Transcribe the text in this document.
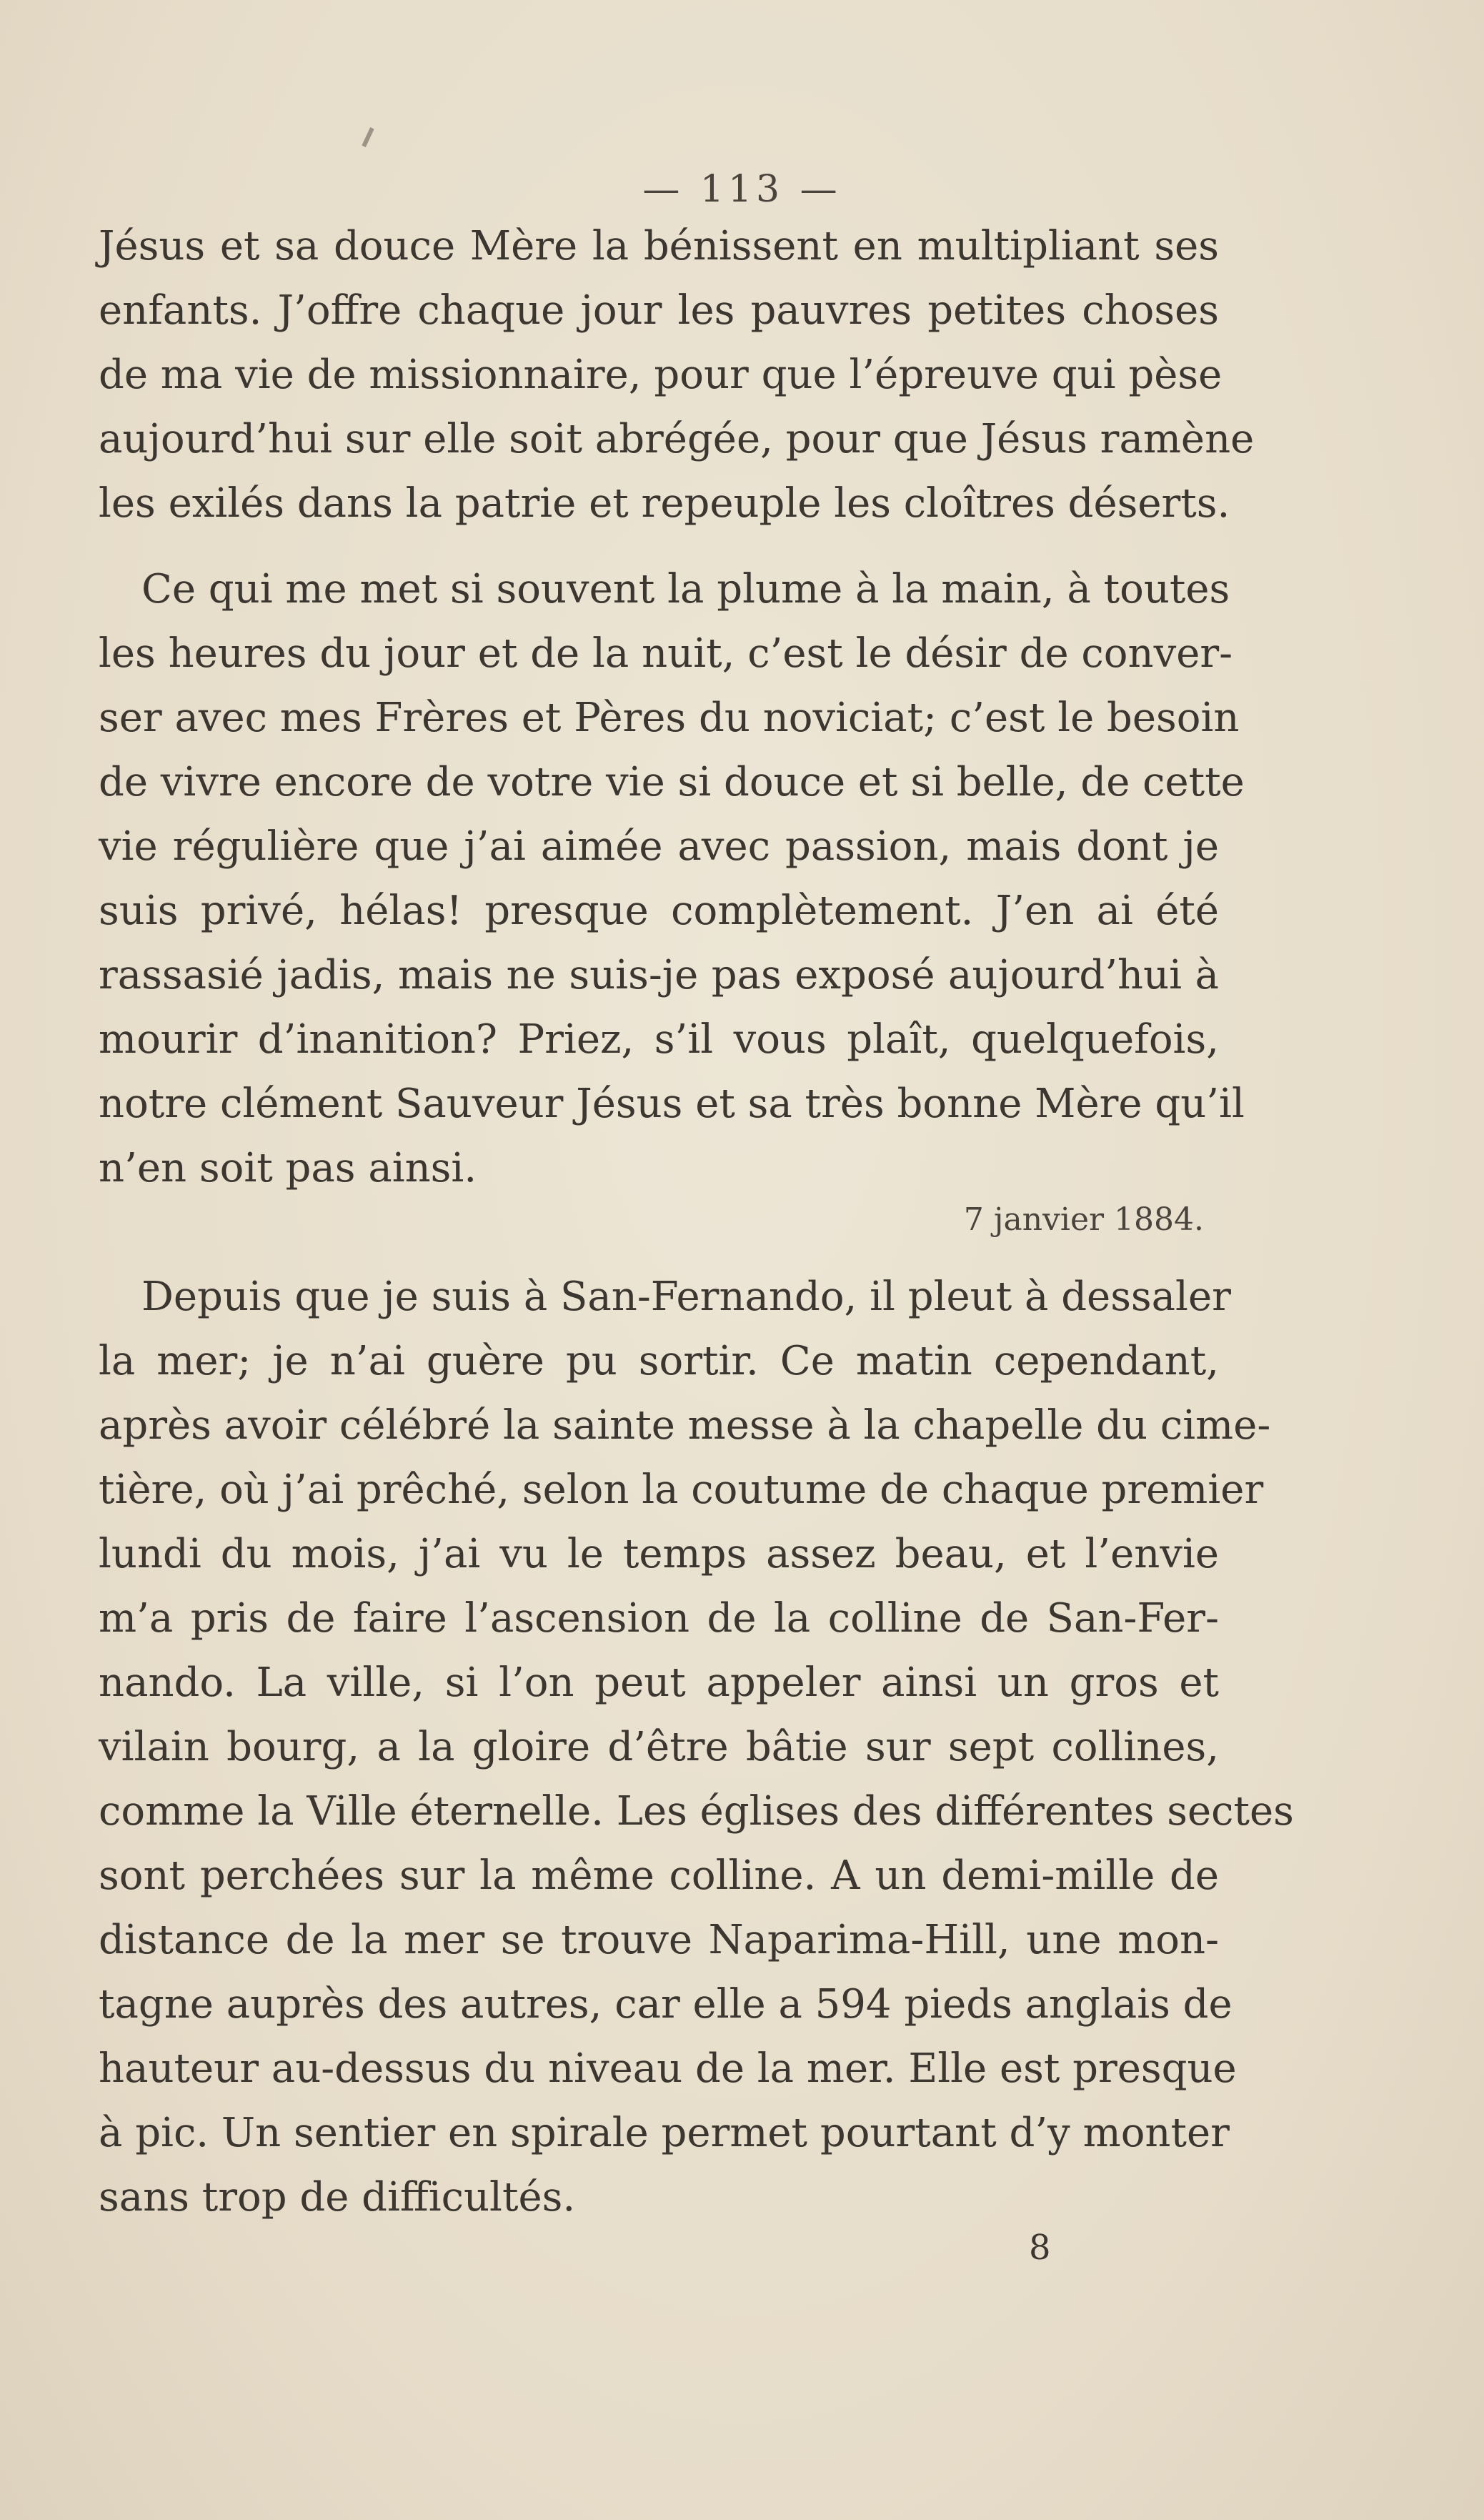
— 113 —
Jésus et sa douce Mère la bénissent en multipliant ses
enfants. J’offre chaque jour les pauvres petites choses
de ma vie de missionnaire, pour que l’épreuve qui pèse
aujourd’hui sur elle soit abrégée, pour que Jésus ramène
les exilés dans la patrie et repeuple les cloîtres déserts.
Ce qui me met si souvent la plume à la main, à toutes
les heures du jour et de la nuit, c’est le désir de conver-
ser avec mes Frères et Pères du noviciat; c’est le besoin
de vivre encore de votre vie si douce et si belle, de cette
vie régulière que j’ai aimée avec passion, mais dont je
suis privé, hélas! presque complètement. J’en ai été
rassasié jadis, mais ne suis-je pas exposé aujourd’hui à
mourir d’inanition? Priez, s’il vous plaît, quelquefois,
notre clément Sauveur Jésus et sa très bonne Mère qu’il
n’en soit pas ainsi.
7 janvier 1884.
Depuis que je suis à San-Fernando, il pleut à dessaler
la mer; je n’ai guère pu sortir. Ce matin cependant,
après avoir célébré la sainte messe à la chapelle du cime-
tière, où j’ai prêché, selon la coutume de chaque premier
lundi du mois, j’ai vu le temps assez beau, et l’envie
m’a pris de faire l’ascension de la colline de San-Fer-
nando. La ville, si l’on peut appeler ainsi un gros et
vilain bourg, a la gloire d’être bâtie sur sept collines,
comme la Ville éternelle. Les églises des différentes sectes
sont perchées sur la même colline. A un demi-mille de
distance de la mer se trouve Naparima-Hill, une mon-
tagne auprès des autres, car elle a 594 pieds anglais de
hauteur au-dessus du niveau de la mer. Elle est presque
à pic. Un sentier en spirale permet pourtant d’y monter
sans trop de difficultés.
8
